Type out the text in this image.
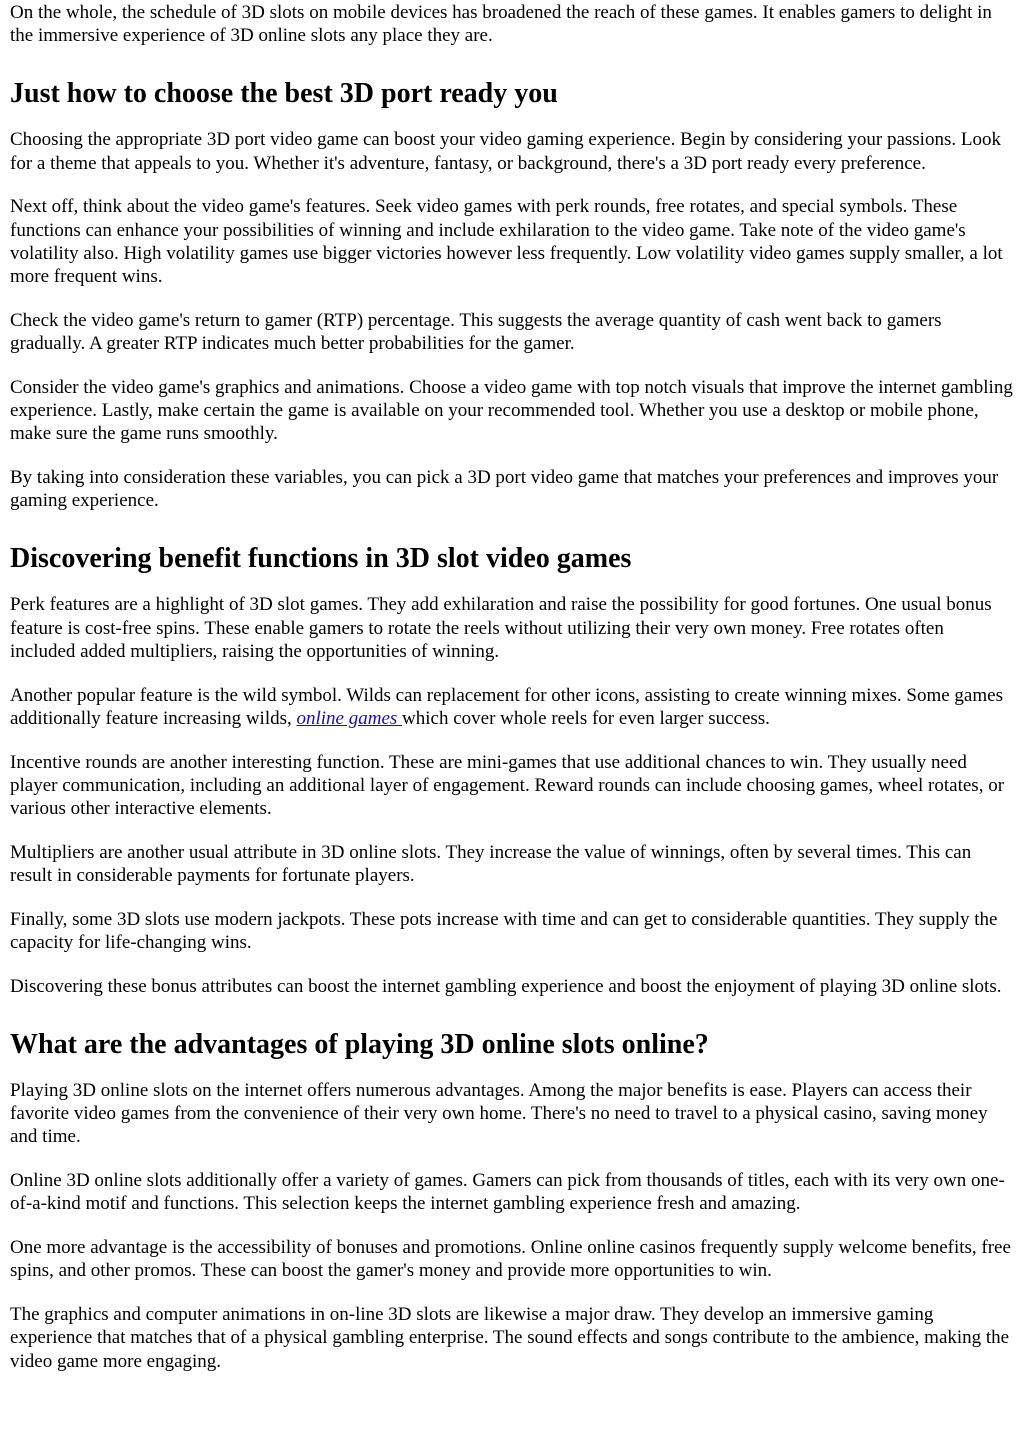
On the whole, the schedule of 3D slots on mobile devices has broadened the reach of these games. It enables gamers to delight in the immersive experience of 3D online slots any place they are.

Just how to choose the best 3D port ready you

Choosing the appropriate 3D port video game can boost your video gaming experience. Begin by considering your passions. Look for a theme that appeals to you. Whether it's adventure, fantasy, or background, there's a 3D port ready every preference.

Next off, think about the video game's features. Seek video games with perk rounds, free rotates, and special symbols. These functions can enhance your possibilities of winning and include exhilaration to the video game. Take note of the video game's volatility also. High volatility games use bigger victories however less frequently. Low volatility video games supply smaller, a lot more frequent wins.

Check the video game's return to gamer (RTP) percentage. This suggests the average quantity of cash went back to gamers gradually. A greater RTP indicates much better probabilities for the gamer.

Consider the video game's graphics and animations. Choose a video game with top notch visuals that improve the internet gambling experience. Lastly, make certain the game is available on your recommended tool. Whether you use a desktop or mobile phone, make sure the game runs smoothly.

By taking into consideration these variables, you can pick a 3D port video game that matches your preferences and improves your gaming experience.

Discovering benefit functions in 3D slot video games

Perk features are a highlight of 3D slot games. They add exhilaration and raise the possibility for good fortunes. One usual bonus feature is cost-free spins. These enable gamers to rotate the reels without utilizing their very own money. Free rotates often included added multipliers, raising the opportunities of winning.

Another popular feature is the wild symbol. Wilds can replacement for other icons, assisting to create winning mixes. Some games additionally feature increasing wilds, online games which cover whole reels for even larger success.

Incentive rounds are another interesting function. These are mini-games that use additional chances to win. They usually need player communication, including an additional layer of engagement. Reward rounds can include choosing games, wheel rotates, or various other interactive elements.

Multipliers are another usual attribute in 3D online slots. They increase the value of winnings, often by several times. This can result in considerable payments for fortunate players.

Finally, some 3D slots use modern jackpots. These pots increase with time and can get to considerable quantities. They supply the capacity for life-changing wins.

Discovering these bonus attributes can boost the internet gambling experience and boost the enjoyment of playing 3D online slots.

What are the advantages of playing 3D online slots online?

Playing 3D online slots on the internet offers numerous advantages. Among the major benefits is ease. Players can access their favorite video games from the convenience of their very own home. There's no need to travel to a physical casino, saving money and time.

Online 3D online slots additionally offer a variety of games. Gamers can pick from thousands of titles, each with its very own one-of-a-kind motif and functions. This selection keeps the internet gambling experience fresh and amazing.

One more advantage is the accessibility of bonuses and promotions. Online online casinos frequently supply welcome benefits, free spins, and other promos. These can boost the gamer's money and provide more opportunities to win.

The graphics and computer animations in on-line 3D slots are likewise a major draw. They develop an immersive gaming experience that matches that of a physical gambling enterprise. The sound effects and songs contribute to the ambience, making the video game more engaging.
